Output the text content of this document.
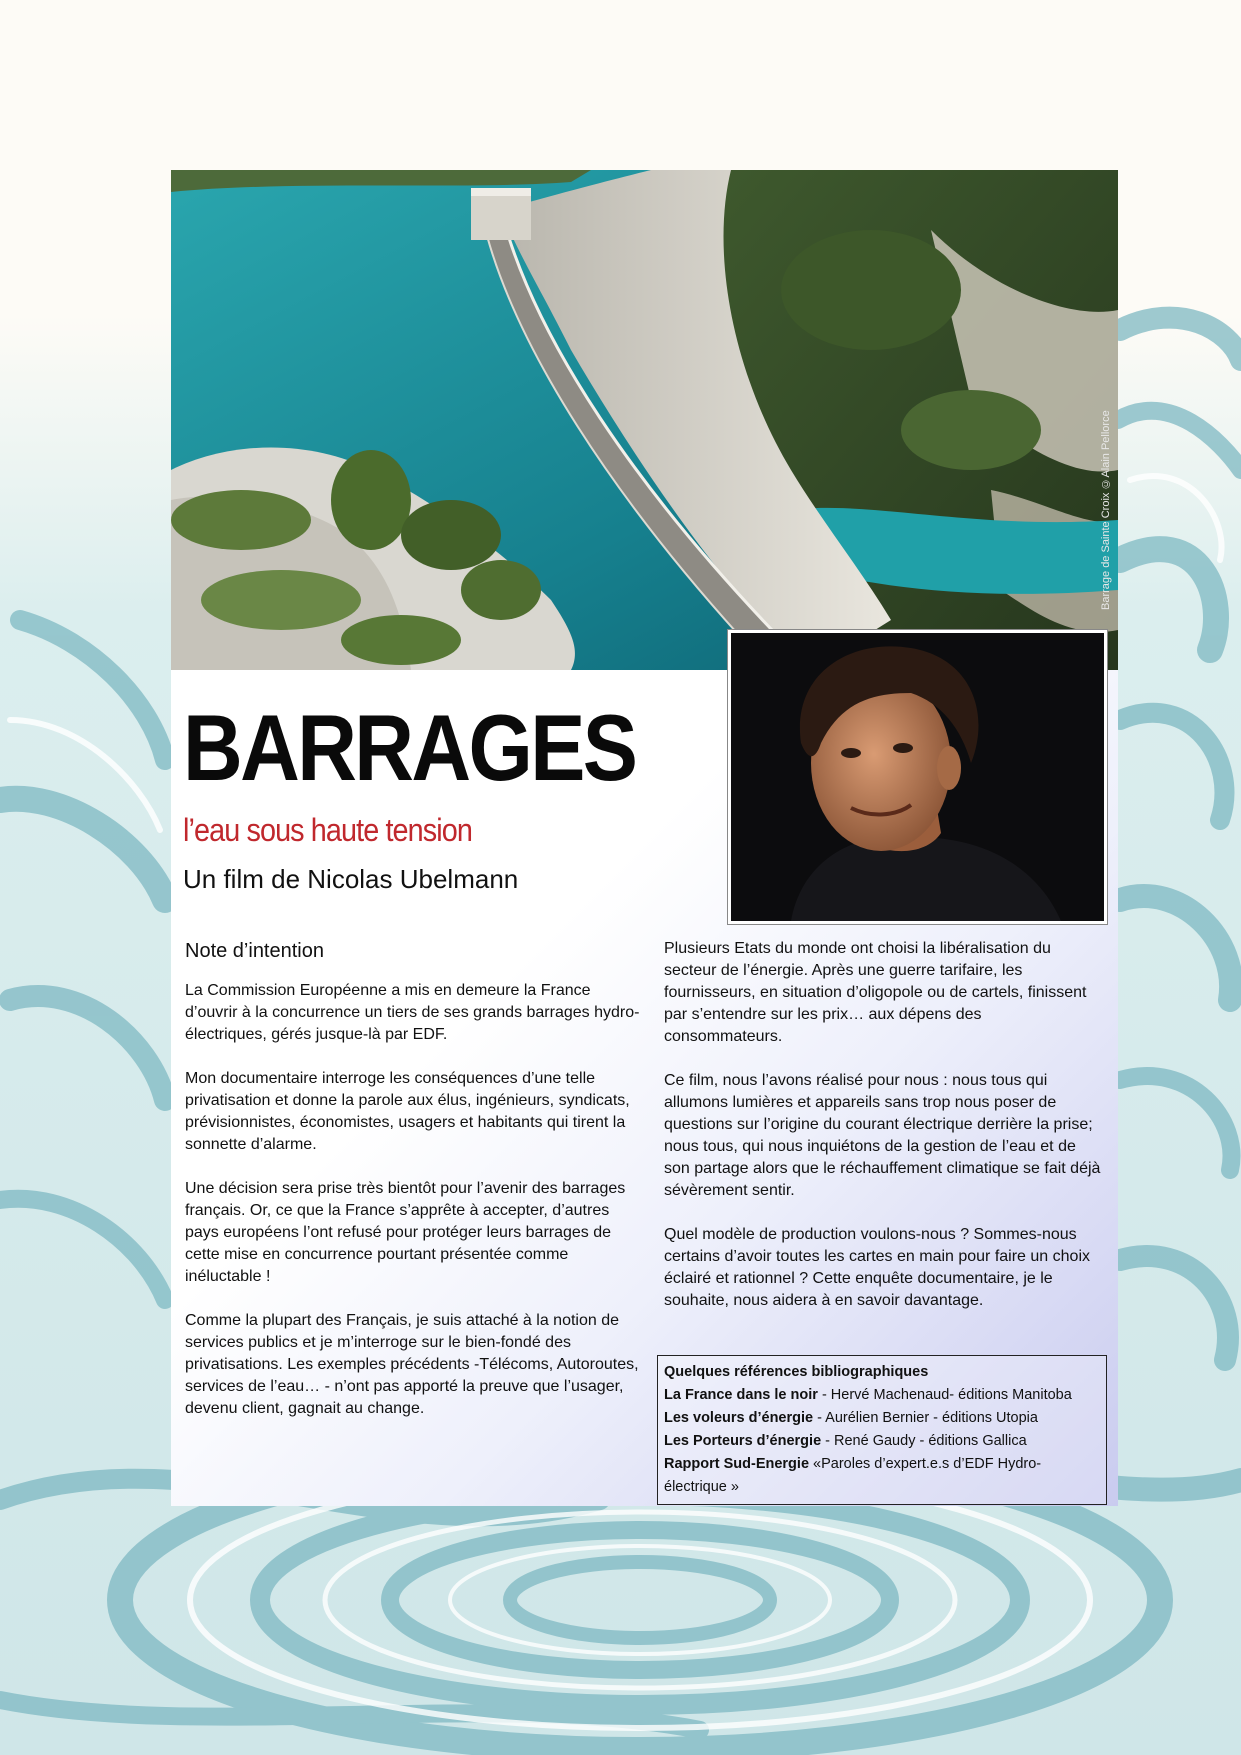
Barrage de Sainte Croix ©Alain Pellorce
BARRAGES
l’eau sous haute tension
Un film de Nicolas Ubelmann
Note d’intention

La Commission Européenne a mis en demeure la France d’ouvrir à la concurrence un tiers de ses grands barrages hydro-électriques, gérés jusque-là par EDF.

Mon documentaire interroge les conséquences d’une telle privatisation et donne la parole aux élus, ingénieurs, syndicats, prévisionnistes, économistes, usagers et habitants qui tirent la sonnette d’alarme.

Une décision sera prise très bientôt pour l’avenir des barrages français. Or, ce que la France s’apprête à accepter, d’autres pays européens l’ont refusé pour protéger leurs barrages de cette mise en concurrence pourtant présentée comme inéluctable !

Comme la plupart des Français, je suis attaché à la notion de services publics et je m’interroge sur le bien-fondé des privatisations. Les exemples précédents -Télécoms, Autoroutes, services de l’eau… - n’ont pas apporté la preuve que l’usager, devenu client, gagnait au change.

Plusieurs Etats du monde ont choisi la libéralisation du secteur de l’énergie. Après une guerre tarifaire, les fournisseurs, en situation d’oligopole ou de cartels, finissent par s’entendre sur les prix… aux dépens des consommateurs.

Ce film, nous l’avons réalisé pour nous : nous tous qui allumons lumières et appareils sans trop nous poser de questions sur l’origine du courant électrique derrière la prise; nous tous, qui nous inquiétons de la gestion de l’eau et de son partage alors que le réchauffement climatique se fait déjà sévèrement sentir.

Quel modèle de production voulons-nous ? Sommes-nous certains d’avoir toutes les cartes en main pour faire un choix éclairé et rationnel ? Cette enquête documentaire, je le souhaite, nous aidera à en savoir davantage.

Quelques références bibliographiques
La France dans le noir - Hervé Machenaud- éditions Manitoba
Les voleurs d’énergie - Aurélien Bernier - éditions Utopia
Les Porteurs d’énergie - René Gaudy - éditions Gallica
Rapport Sud-Energie «Paroles d’expert.e.s d’EDF Hydro-électrique »
